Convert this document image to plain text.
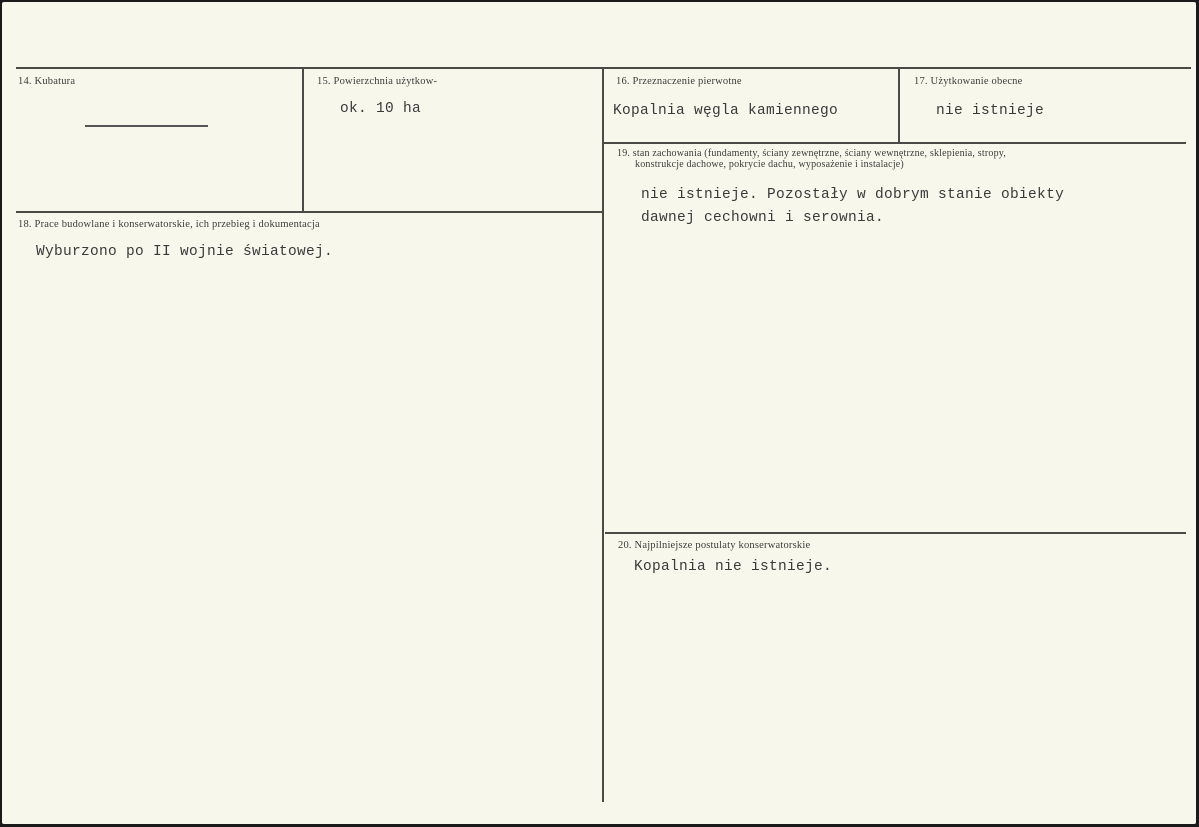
14. Kubatura	15. Powierzchnia użytkow-
ok. 10 ha
16. Przeznaczenie pierwotne
Kopalnia węgla kamiennego
17. Użytkowanie obecne
nie istnieje
18. Prace budowlane i konserwatorskie, ich przebieg i dokumentacja
Wyburzono po II wojnie światowej.
19. stan zachowania (fundamenty, ściany zewnętrzne, ściany wewnętrzne, sklepienia, stropy,
konstrukcje dachowe, pokrycie dachu, wyposażenie i instalacje)
nie istnieje. Pozostały w dobrym stanie obiekty
dawnej cechowni i serownia.
20. Najpilniejsze postulaty konserwatorskie
Kopalnia nie istnieje.
